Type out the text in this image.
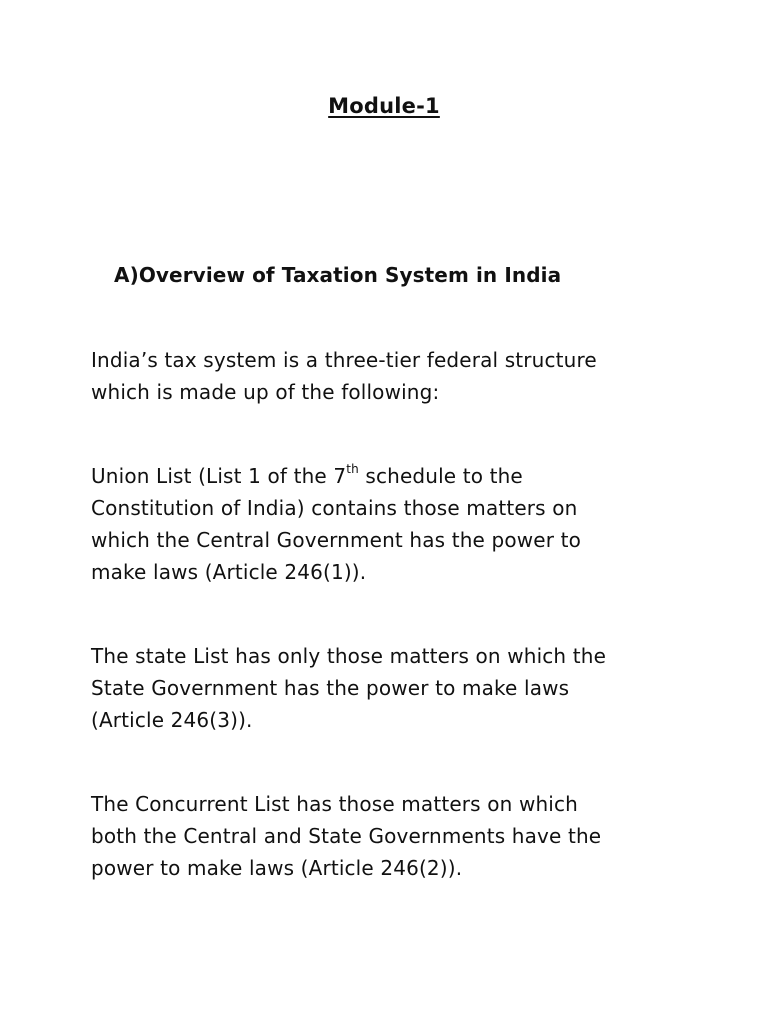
Module-1
A)Overview of Taxation System in India

India’s tax system is a three-tier federal structure
which is made up of the following:

Union List (List 1 of the 7th schedule to the
Constitution of India) contains those matters on
which the Central Government has the power to
make laws (Article 246(1)).

The state List has only those matters on which the
State Government has the power to make laws
(Article 246(3)).

The Concurrent List has those matters on which
both the Central and State Governments have the
power to make laws (Article 246(2)).
